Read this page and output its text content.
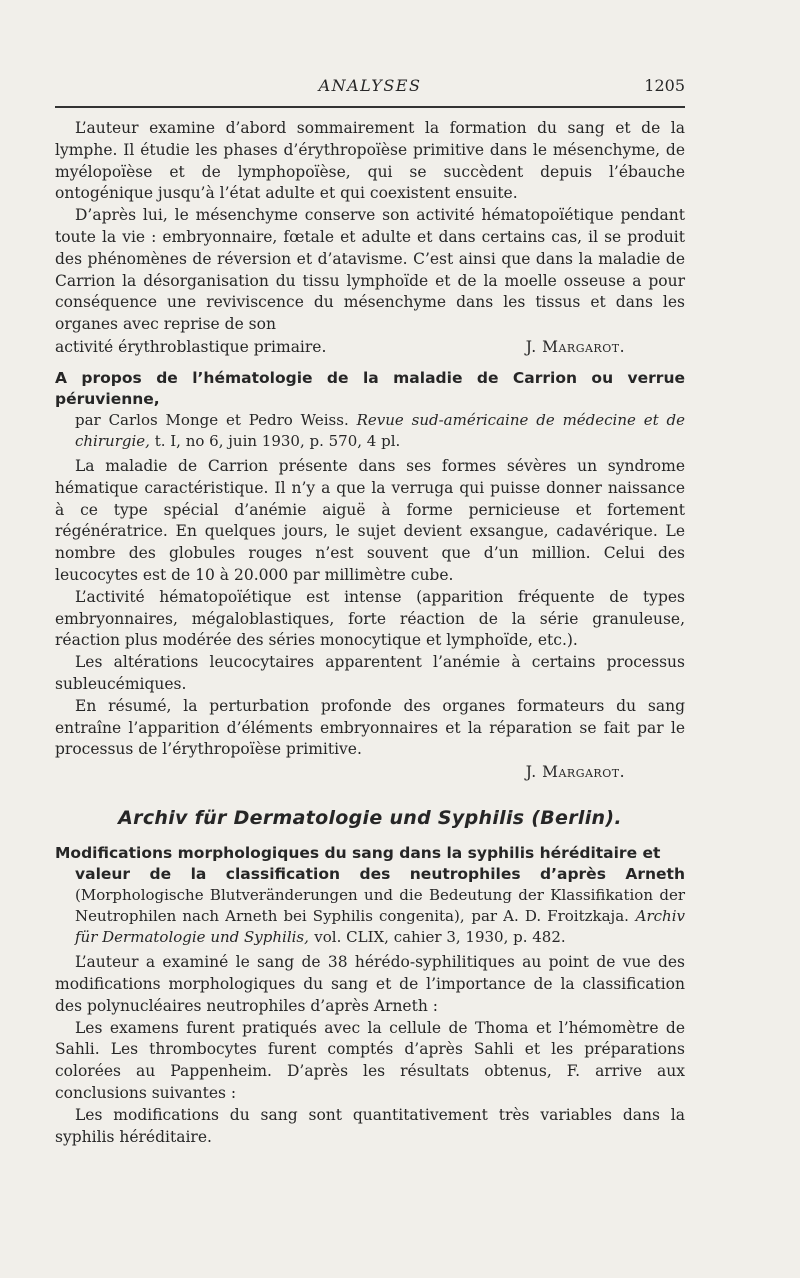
ANALYSES	1205

L’auteur examine d’abord sommairement la formation du sang et de la lymphe. Il étudie les phases d’érythropoïèse primitive dans le mésenchyme, de myélopoïèse et de lymphopoïèse, qui se succèdent depuis l’ébauche ontogénique jusqu’à l’état adulte et qui coexistent ensuite.

D’après lui, le mésenchyme conserve son activité hématopoïétique pendant toute la vie : embryonnaire, fœtale et adulte et dans certains cas, il se produit des phénomènes de réversion et d’atavisme. C’est ainsi que dans la maladie de Carrion la désorganisation du tissu lymphoïde et de la moelle osseuse a pour conséquence une reviviscence du mésenchyme dans les tissus et dans les organes avec reprise de son

activité érythroblastique primaire.	J. Margarot.
A propos de l’hématologie de la maladie de Carrion ou verrue péruvienne,
par Carlos Monge et Pedro Weiss. Revue sud-américaine de médecine et de chirurgie, t. I, no 6, juin 1930, p. 570, 4 pl.

La maladie de Carrion présente dans ses formes sévères un syndrome hématique caractéristique. Il n’y a que la verruga qui puisse donner naissance à ce type spécial d’anémie aiguë à forme pernicieuse et fortement régénératrice. En quelques jours, le sujet devient exsangue, cadavérique. Le nombre des globules rouges n’est souvent que d’un million. Celui des leucocytes est de 10 à 20.000 par millimètre cube.

L’activité hématopoïétique est intense (apparition fréquente de types embryonnaires, mégaloblastiques, forte réaction de la série granuleuse, réaction plus modérée des séries monocytique et lymphoïde, etc.).

Les altérations leucocytaires apparentent l’anémie à certains processus subleucémiques.

En résumé, la perturbation profonde des organes formateurs du sang entraîne l’apparition d’éléments embryonnaires et la réparation se fait par le processus de l’érythropoïèse primitive.

J. Margarot.
Archiv für Dermatologie und Syphilis (Berlin).
Modifications morphologiques du sang dans la syphilis héréditaire et
valeur de la classification des neutrophiles d’après Arneth (Morphologische Blutveränderungen und die Bedeutung der Klassifikation der Neutrophilen nach Arneth bei Syphilis congenita), par A. D. Froitzkaja. Archiv für Dermatologie und Syphilis, vol. CLIX, cahier 3, 1930, p. 482.

L’auteur a examiné le sang de 38 hérédo-syphilitiques au point de vue des modifications morphologiques du sang et de l’importance de la classification des polynucléaires neutrophiles d’après Arneth :

Les examens furent pratiqués avec la cellule de Thoma et l’hémomètre de Sahli. Les thrombocytes furent comptés d’après Sahli et les préparations colorées au Pappenheim. D’après les résultats obtenus, F. arrive aux conclusions suivantes :

Les modifications du sang sont quantitativement très variables dans la syphilis héréditaire.
